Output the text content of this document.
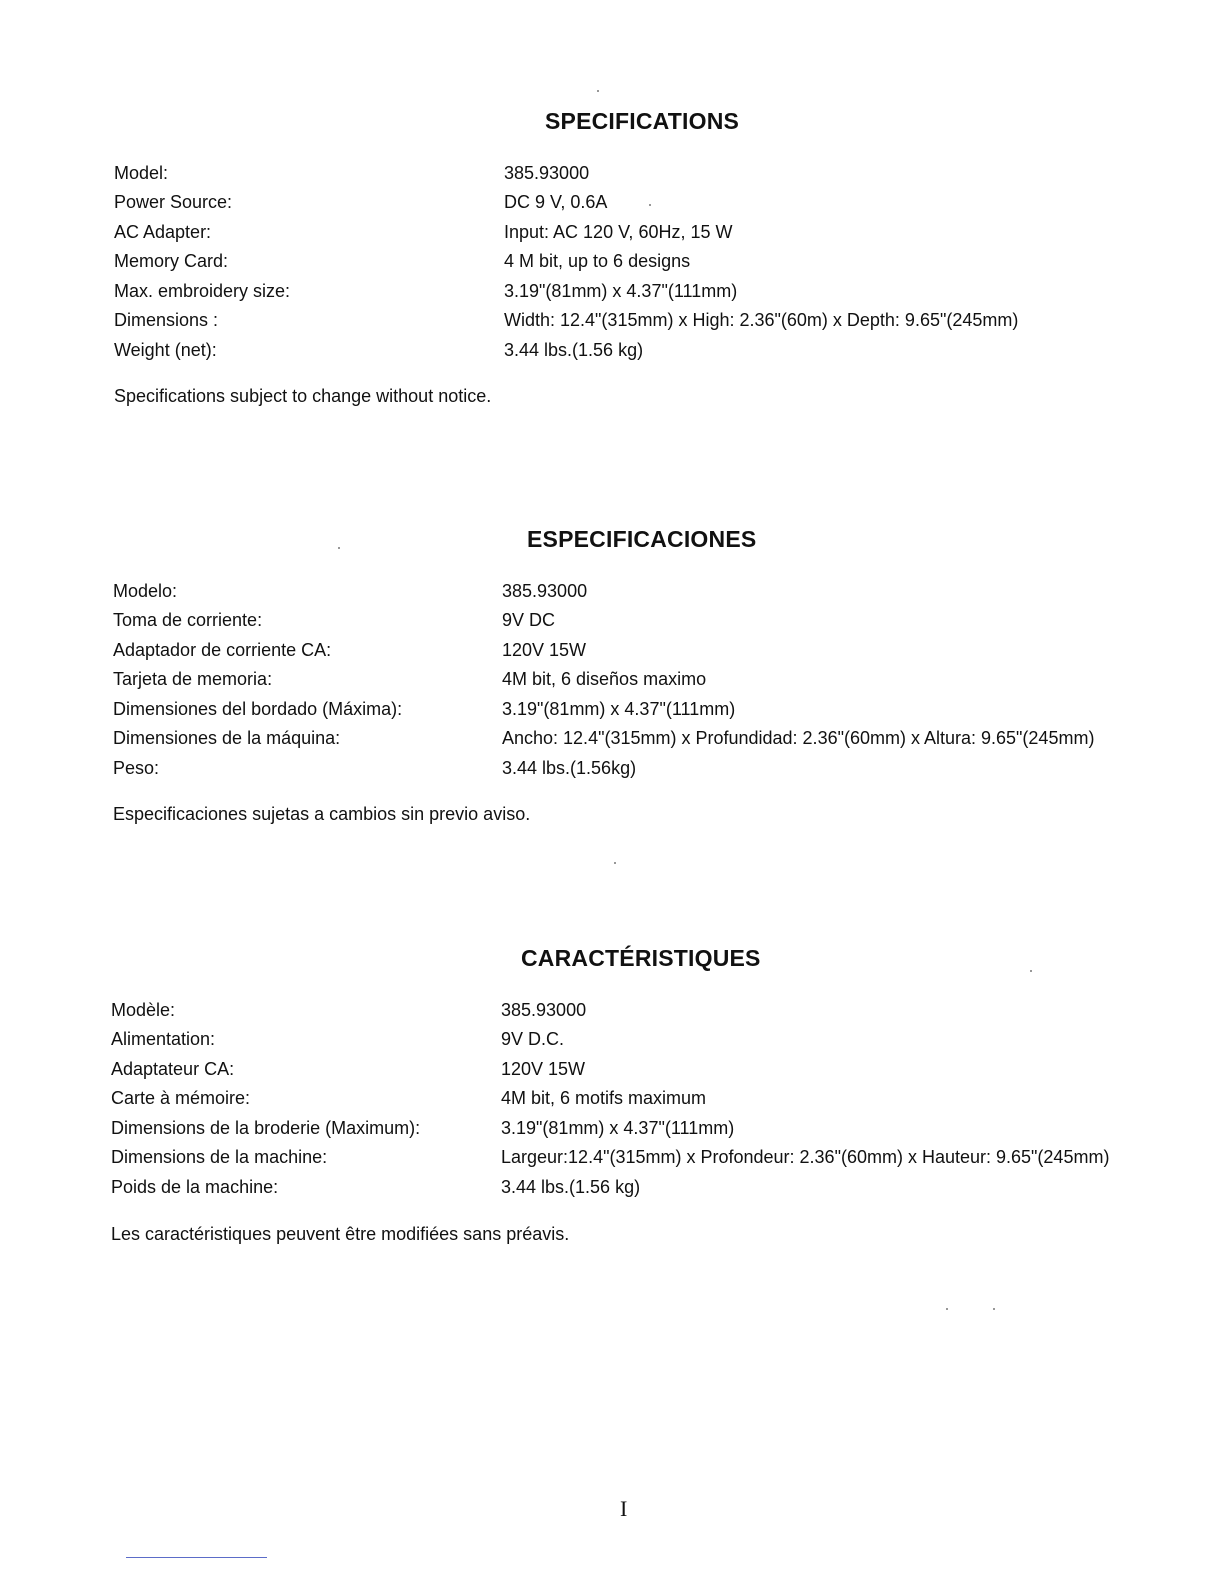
SPECIFICATIONS
Model:	385.93000
Power Source:	DC 9 V, 0.6A
AC Adapter:	Input: AC 120 V, 60Hz, 15 W
Memory Card:	4 M bit, up to 6 designs
Max. embroidery size:	3.19"(81mm) x 4.37"(111mm)
Dimensions :	Width: 12.4"(315mm) x High: 2.36"(60m) x Depth: 9.65"(245mm)
Weight (net):	3.44 lbs.(1.56 kg)
Specifications subject to change without notice.
ESPECIFICACIONES
Modelo:	385.93000
Toma de corriente:	9V DC
Adaptador de corriente CA:	120V 15W
Tarjeta de memoria:	4M bit, 6 diseños maximo
Dimensiones del bordado (Máxima):	3.19"(81mm) x 4.37"(111mm)
Dimensiones de la máquina:	Ancho: 12.4"(315mm) x Profundidad: 2.36"(60mm) x Altura: 9.65"(245mm)
Peso:	3.44 lbs.(1.56kg)
Especificaciones sujetas a cambios sin previo aviso.
CARACTÉRISTIQUES
Modèle:	385.93000
Alimentation:	9V D.C.
Adaptateur CA:	120V 15W
Carte à mémoire:	4M bit, 6 motifs maximum
Dimensions de la broderie (Maximum):	3.19"(81mm) x 4.37"(111mm)
Dimensions de la machine:	Largeur:12.4"(315mm) x Profondeur: 2.36"(60mm) x Hauteur: 9.65"(245mm)
Poids de la machine:	3.44 lbs.(1.56 kg)
Les caractéristiques peuvent être modifiées sans préavis.
I
